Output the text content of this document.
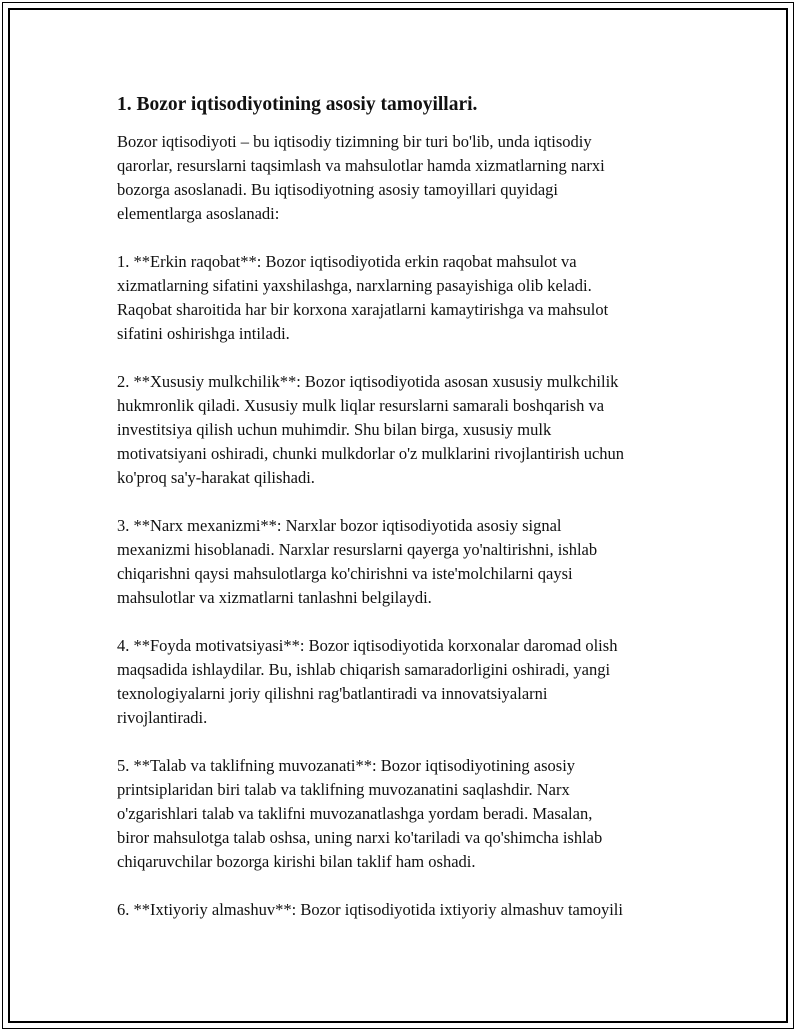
1. Bozor iqtisodiyotining asosiy tamoyillari.

Bozor iqtisodiyoti – bu iqtisodiy tizimning bir turi bo'lib, unda iqtisodiy
qarorlar, resurslarni taqsimlash va mahsulotlar hamda xizmatlarning narxi
bozorga asoslanadi. Bu iqtisodiyotning asosiy tamoyillari quyidagi
elementlarga asoslanadi:

1. **Erkin raqobat**: Bozor iqtisodiyotida erkin raqobat mahsulot va
xizmatlarning sifatini yaxshilashga, narxlarning pasayishiga olib keladi.
Raqobat sharoitida har bir korxona xarajatlarni kamaytirishga va mahsulot
sifatini oshirishga intiladi.

2. **Xususiy mulkchilik**: Bozor iqtisodiyotida asosan xususiy mulkchilik
hukmronlik qiladi. Xususiy mulk liqlar resurslarni samarali boshqarish va
investitsiya qilish uchun muhimdir. Shu bilan birga, xususiy mulk
motivatsiyani oshiradi, chunki mulkdorlar o'z mulklarini rivojlantirish uchun
ko'proq sa'y-harakat qilishadi.

3. **Narx mexanizmi**: Narxlar bozor iqtisodiyotida asosiy signal
mexanizmi hisoblanadi. Narxlar resurslarni qayerga yo'naltirishni, ishlab
chiqarishni qaysi mahsulotlarga ko'chirishni va iste'molchilarni qaysi
mahsulotlar va xizmatlarni tanlashni belgilaydi.

4. **Foyda motivatsiyasi**: Bozor iqtisodiyotida korxonalar daromad olish
maqsadida ishlaydilar. Bu, ishlab chiqarish samaradorligini oshiradi, yangi
texnologiyalarni joriy qilishni rag'batlantiradi va innovatsiyalarni
rivojlantiradi.

5. **Talab va taklifning muvozanati**: Bozor iqtisodiyotining asosiy
printsiplaridan biri talab va taklifning muvozanatini saqlashdir. Narx
o'zgarishlari talab va taklifni muvozanatlashga yordam beradi. Masalan,
biror mahsulotga talab oshsa, uning narxi ko'tariladi va qo'shimcha ishlab
chiqaruvchilar bozorga kirishi bilan taklif ham oshadi.

6. **Ixtiyoriy almashuv**: Bozor iqtisodiyotida ixtiyoriy almashuv tamoyili
